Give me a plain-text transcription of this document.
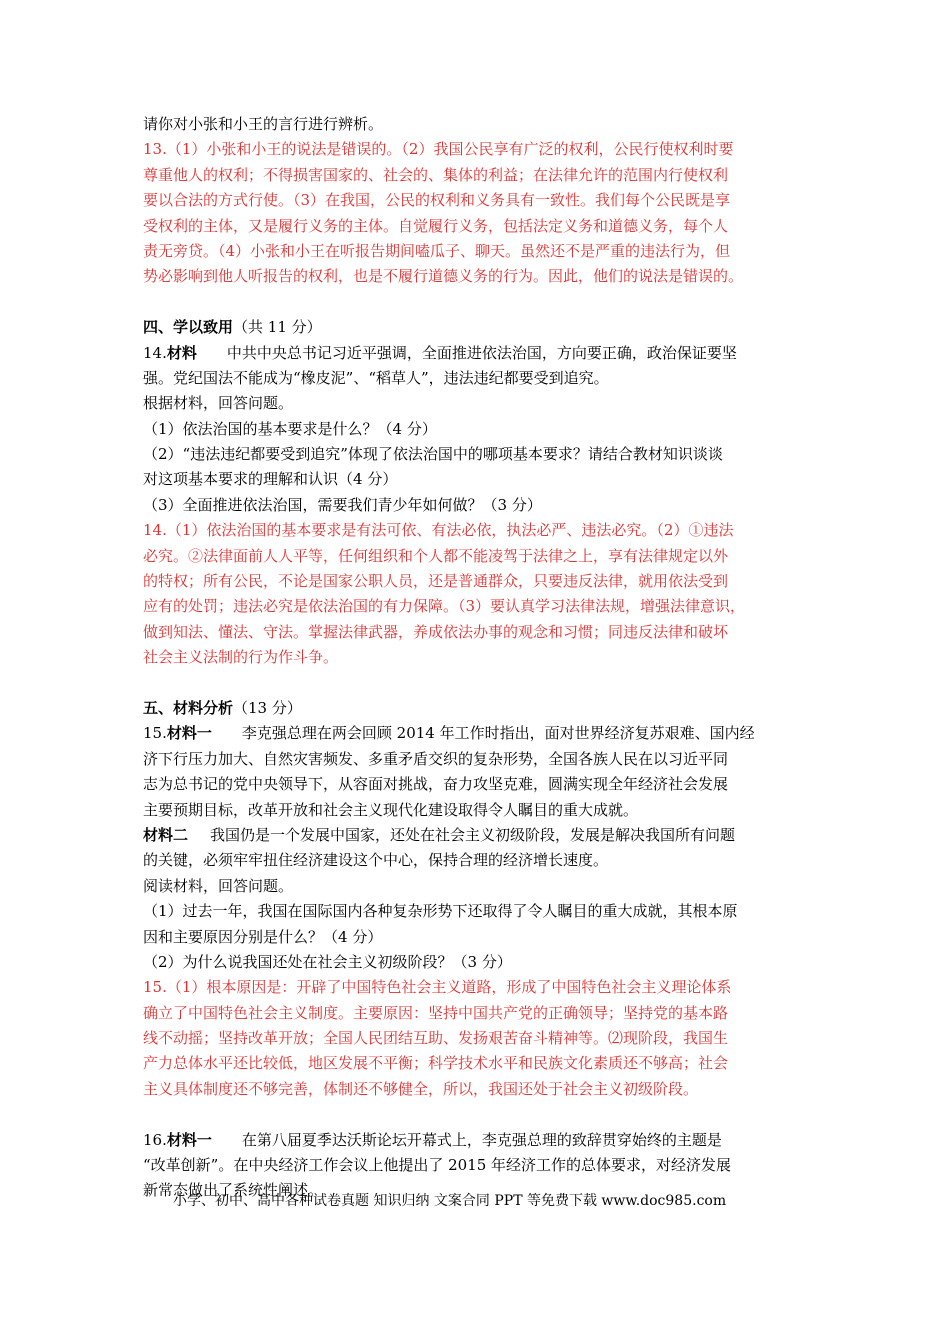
请你对小张和小王的言行进行辨析。
13.（1）小张和小王的说法是错误的。（2）我国公民享有广泛的权利，公民行使权利时要
尊重他人的权利；不得损害国家的、社会的、集体的利益；在法律允许的范围内行使权利
要以合法的方式行使。（3）在我国，公民的权利和义务具有一致性。我们每个公民既是享
受权利的主体，又是履行义务的主体。自觉履行义务，包括法定义务和道德义务，每个人
责无旁贷。（4）小张和小王在听报告期间嗑瓜子、聊天。虽然还不是严重的违法行为，但
势必影响到他人听报告的权利，也是不履行道德义务的行为。因此，他们的说法是错误的。
四、学以致用（共 11 分）
14.材料 中共中央总书记习近平强调，全面推进依法治国，方向要正确，政治保证要坚
强。党纪国法不能成为“橡皮泥”、“稻草人”，违法违纪都要受到追究。
根据材料，回答问题。
（1）依法治国的基本要求是什么？（4 分）
（2）“违法违纪都要受到追究”体现了依法治国中的哪项基本要求？请结合教材知识谈谈
对这项基本要求的理解和认识（4 分）
（3）全面推进依法治国，需要我们青少年如何做？（3 分）
14.（1）依法治国的基本要求是有法可依、有法必依，执法必严、违法必究。（2）①违法
必究。②法律面前人人平等，任何组织和个人都不能凌驾于法律之上，享有法律规定以外
的特权；所有公民，不论是国家公职人员，还是普通群众，只要违反法律，就用依法受到
应有的处罚；违法必究是依法治国的有力保障。（3）要认真学习法律法规，增强法律意识，
做到知法、懂法、守法。掌握法律武器，养成依法办事的观念和习惯；同违反法律和破坏
社会主义法制的行为作斗争。
五、材料分析（13 分）
15.材料一 李克强总理在两会回顾 2014 年工作时指出，面对世界经济复苏艰难、国内经
济下行压力加大、自然灾害频发、多重矛盾交织的复杂形势，全国各族人民在以习近平同
志为总书记的党中央领导下，从容面对挑战，奋力攻坚克难，圆满实现全年经济社会发展
主要预期目标，改革开放和社会主义现代化建设取得令人瞩目的重大成就。
材料二 我国仍是一个发展中国家，还处在社会主义初级阶段，发展是解决我国所有问题
的关键，必须牢牢扭住经济建设这个中心，保持合理的经济增长速度。
阅读材料，回答问题。
（1）过去一年，我国在国际国内各种复杂形势下还取得了令人瞩目的重大成就，其根本原
因和主要原因分别是什么？（4 分）
（2）为什么说我国还处在社会主义初级阶段？（3 分）
15.（1）根本原因是：开辟了中国特色社会主义道路，形成了中国特色社会主义理论体系
确立了中国特色社会主义制度。主要原因：坚持中国共产党的正确领导；坚持党的基本路
线不动摇；坚持改革开放；全国人民团结互助、发扬艰苦奋斗精神等。⑵现阶段，我国生
产力总体水平还比较低，地区发展不平衡；科学技术水平和民族文化素质还不够高；社会
主义具体制度还不够完善，体制还不够健全，所以，我国还处于社会主义初级阶段。
16.材料一 在第八届夏季达沃斯论坛开幕式上，李克强总理的致辞贯穿始终的主题是
“改革创新”。在中央经济工作会议上他提出了 2015 年经济工作的总体要求，对经济发展
新常态做出了系统性阐述。
小学、初中、高中各种试卷真题 知识归纳 文案合同 PPT 等免费下载 www.doc985.com
